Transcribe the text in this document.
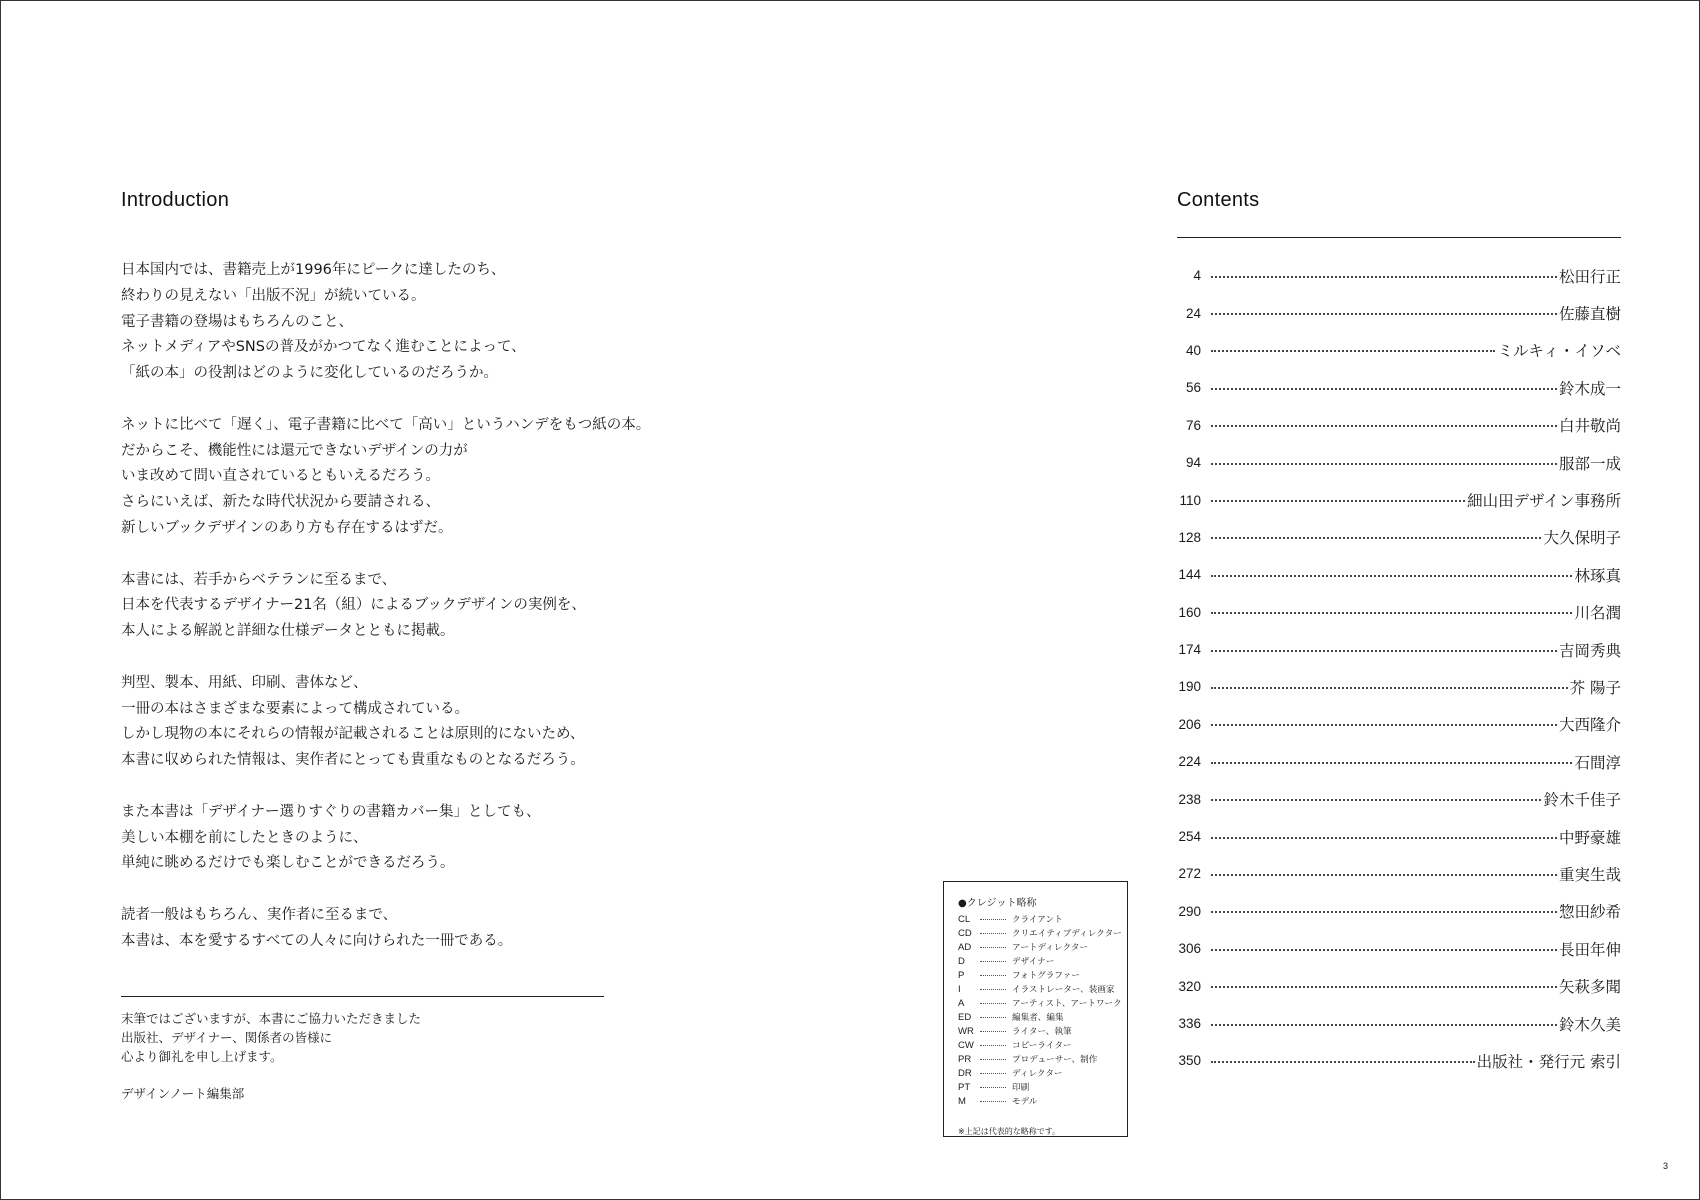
Introduction

日本国内では、書籍売上が1996年にピークに達したのち、
終わりの見えない「出版不況」が続いている。
電子書籍の登場はもちろんのこと、
ネットメディアやSNSの普及がかつてなく進むことによって、
「紙の本」の役割はどのように変化しているのだろうか。

ネットに比べて「遅く」、電子書籍に比べて「高い」というハンデをもつ紙の本。
だからこそ、機能性には還元できないデザインの力が
いま改めて問い直されているともいえるだろう。
さらにいえば、新たな時代状況から要請される、
新しいブックデザインのあり方も存在するはずだ。

本書には、若手からベテランに至るまで、
日本を代表するデザイナー21名（組）によるブックデザインの実例を、
本人による解説と詳細な仕様データとともに掲載。

判型、製本、用紙、印刷、書体など、
一冊の本はさまざまな要素によって構成されている。
しかし現物の本にそれらの情報が記載されることは原則的にないため、
本書に収められた情報は、実作者にとっても貴重なものとなるだろう。

また本書は「デザイナー選りすぐりの書籍カバー集」としても、
美しい本棚を前にしたときのように、
単純に眺めるだけでも楽しむことができるだろう。

読者一般はもちろん、実作者に至るまで、
本書は、本を愛するすべての人々に向けられた一冊である。

末筆ではございますが、本書にご協力いただきました
出版社、デザイナー、関係者の皆様に
心より御礼を申し上げます。
デザインノート編集部
●クレジット略称
CL	クライアント
CD	クリエイティブディレクター
AD	アートディレクター
D	デザイナー
P	フォトグラファー
I	イラストレーター、装画家
A	アーティスト、アートワーク
ED	編集者、編集
WR	ライター、執筆
CW	コピーライター
PR	プロデューサー、制作
DR	ディレクター
PT	印刷
M	モデル
※上記は代表的な略称です。
Contents
4	松田行正
24	佐藤直樹
40	ミルキィ・イソベ
56	鈴木成一
76	白井敬尚
94	服部一成
110	細山田デザイン事務所
128	大久保明子
144	林琢真
160	川名潤
174	吉岡秀典
190	芥 陽子
206	大西隆介
224	石間淳
238	鈴木千佳子
254	中野豪雄
272	重実生哉
290	惣田紗希
306	長田年伸
320	矢萩多聞
336	鈴木久美
350	出版社・発行元 索引
3
